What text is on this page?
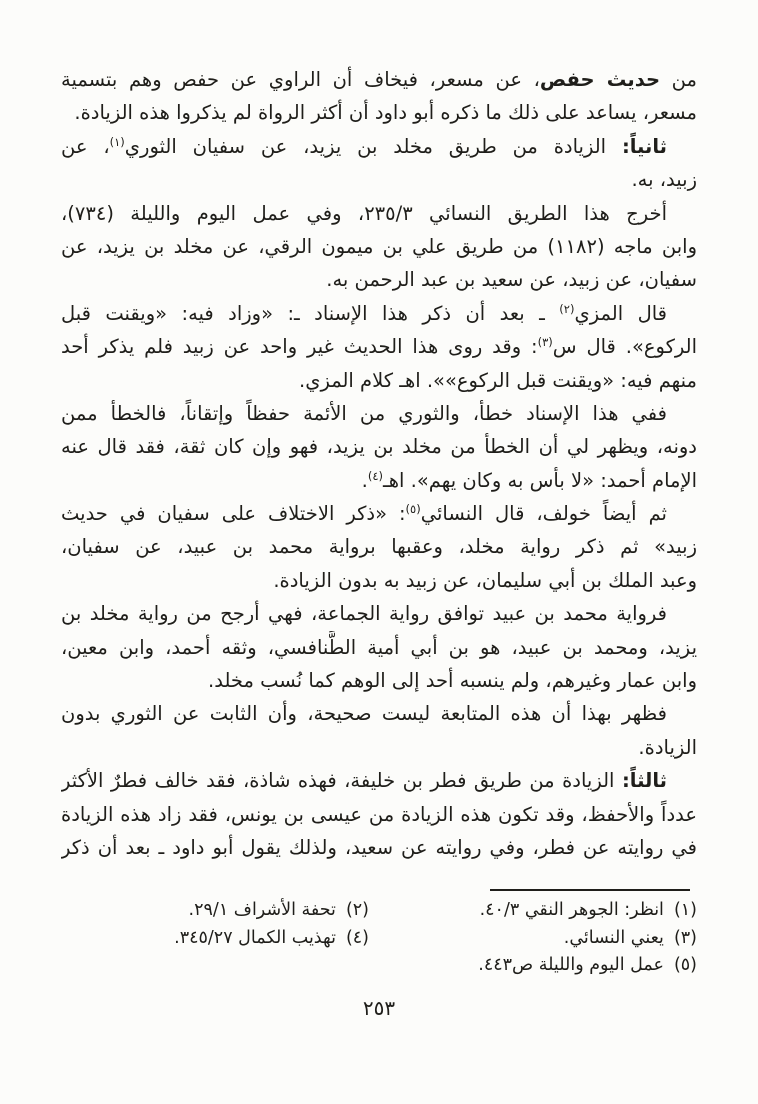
من حديث حفص، عن مسعر، فيخاف أن الراوي عن حفص وهم بتسمية

مسعر، يساعد على ذلك ما ذكره أبو داود أن أكثر الرواة لم يذكروا هذه الزيادة.

ثانياً: الزيادة من طريق مخلد بن يزيد، عن سفيان الثوري$^{(١)}$، عن

زبيد، به.

أخرج هذا الطريق النسائي ٢٣٥/٣، وفي عمل اليوم والليلة (٧٣٤)،

وابن ماجه (١١٨٢) من طريق علي بن ميمون الرقي، عن مخلد بن يزيد، عن

سفيان، عن زبيد، عن سعيد بن عبد الرحمن به.

قال المزي$^{(٢)}$ ـ بعد أن ذكر هذا الإسناد ـ: «وزاد فيه: «ويقنت قبل

الركوع». قال س$^{(٣)}$: وقد روى هذا الحديث غير واحد عن زبيد فلم يذكر أحد

منهم فيه: «ويقنت قبل الركوع»». اهـ كلام المزي.

ففي هذا الإسناد خطأ، والثوري من الأئمة حفظاً وإتقاناً، فالخطأ ممن

دونه، ويظهر لي أن الخطأ من مخلد بن يزيد، فهو وإن كان ثقة، فقد قال عنه

الإمام أحمد: «لا بأس به وكان يهم». اهـ$^{(٤)}$.

ثم أيضاً خولف، قال النسائي$^{(٥)}$: «ذكر الاختلاف على سفيان في حديث

زبيد» ثم ذكر رواية مخلد، وعقبها برواية محمد بن عبيد، عن سفيان،

وعبد الملك بن أبي سليمان، عن زبيد به بدون الزيادة.

فرواية محمد بن عبيد توافق رواية الجماعة، فهي أرجح من رواية مخلد بن

يزيد، ومحمد بن عبيد، هو بن أبي أمية الطَّنافسي، وثقه أحمد، وابن معين،

وابن عمار وغيرهم، ولم ينسبه أحد إلى الوهم كما نُسب مخلد.

فظهر بهذا أن هذه المتابعة ليست صحيحة، وأن الثابت عن الثوري بدون

الزيادة.

ثالثاً: الزيادة من طريق فطر بن خليفة، فهذه شاذة، فقد خالف فطرٌ الأكثر

عدداً والأحفظ، وقد تكون هذه الزيادة من عيسى بن يونس، فقد زاد هذه الزيادة

في روايته عن فطر، وفي روايته عن سعيد، ولذلك يقول أبو داود ـ بعد أن ذكر

(١)انظر: الجوهر النقي ٤٠/٣.
(٣)يعني النسائي.
(٥)عمل اليوم والليلة ص٤٤٣.
(٢)تحفة الأشراف ٢٩/١.
(٤)تهذيب الكمال ٣٤٥/٢٧.
٢٥٣
